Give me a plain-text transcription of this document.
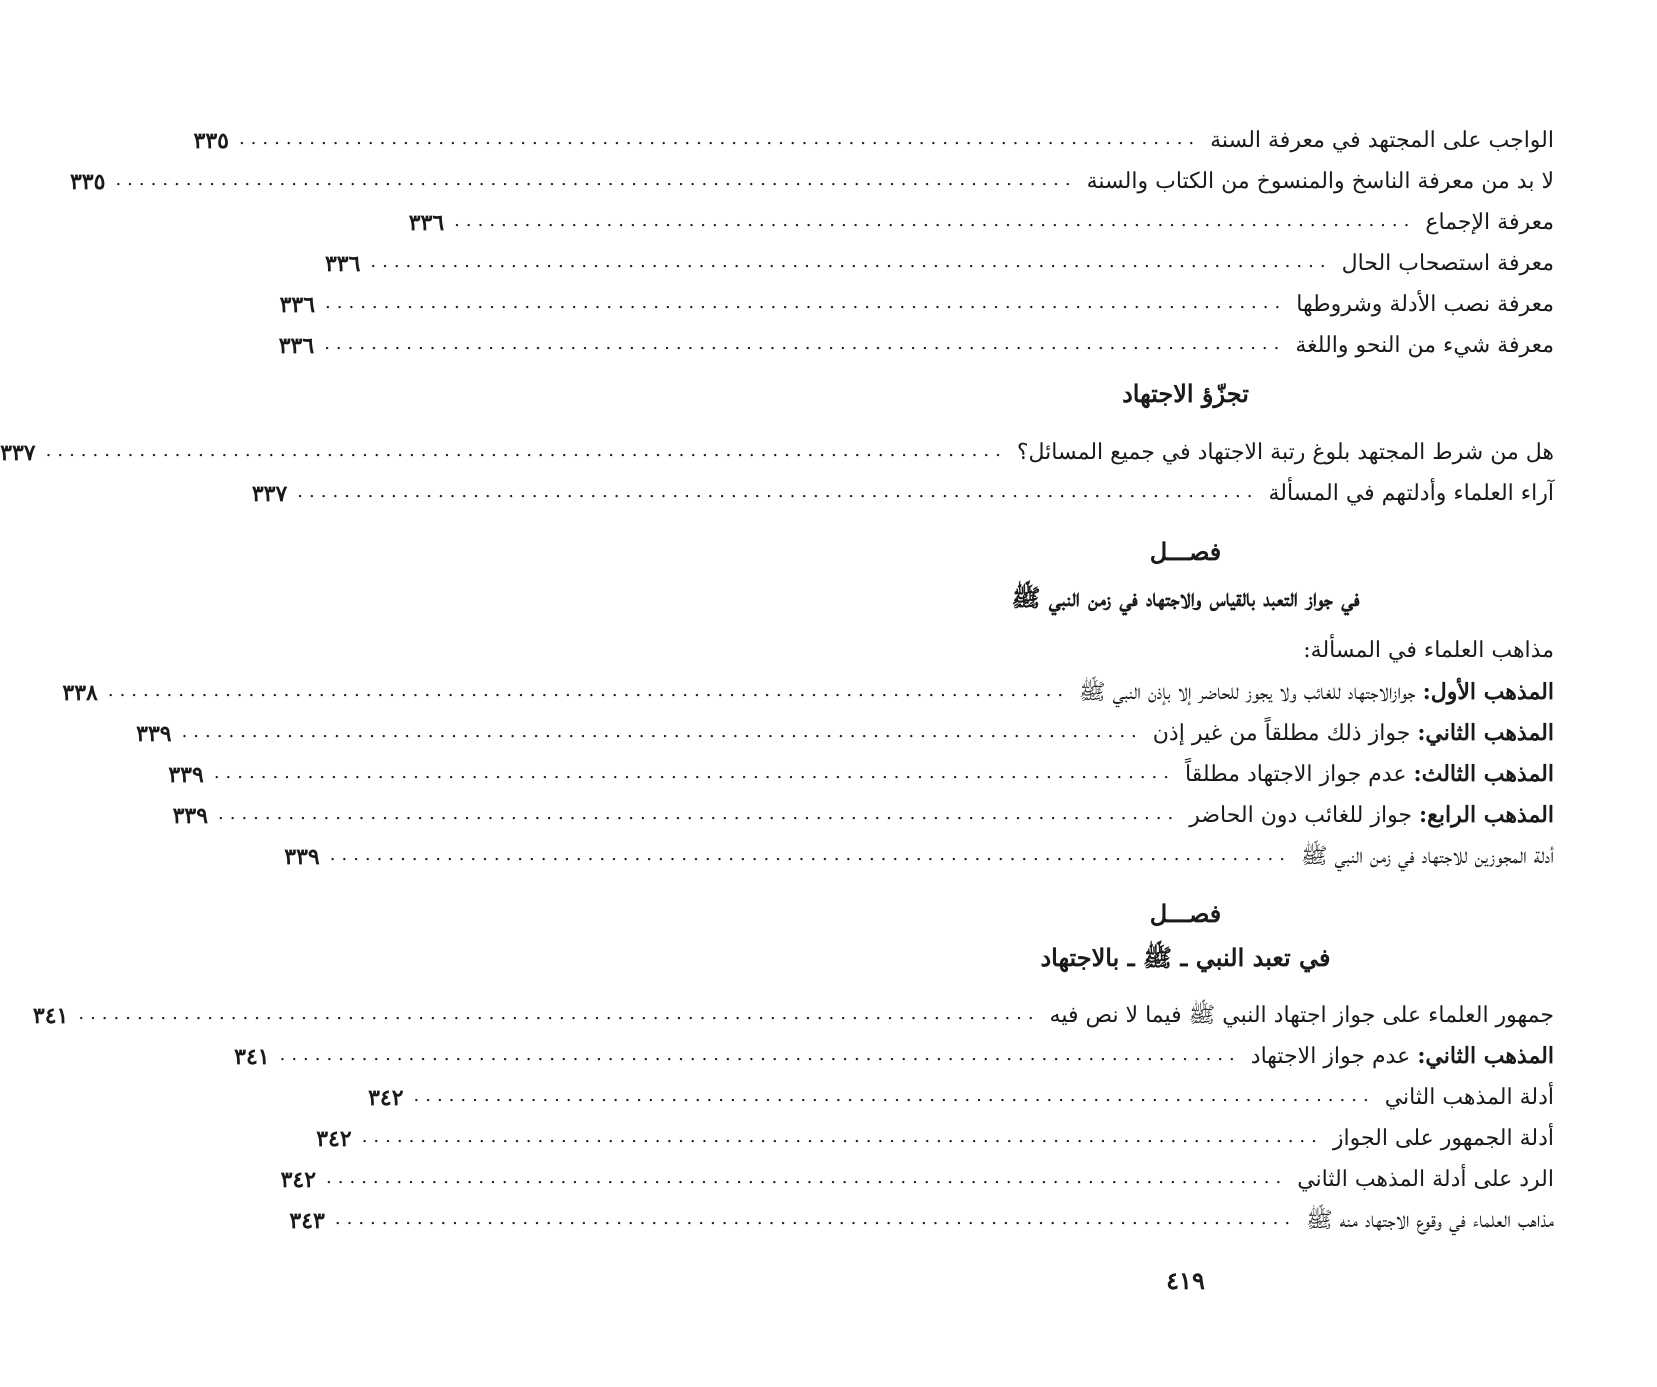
الواجب على المجتهد في معرفة السنة
..................................................................................
٣٣٥
لا بد من معرفة الناسخ والمنسوخ من الكتاب والسنة
..................................................................................
٣٣٥
معرفة الإجماع
..................................................................................
٣٣٦
معرفة استصحاب الحال
..................................................................................
٣٣٦
معرفة نصب الأدلة وشروطها
..................................................................................
٣٣٦
معرفة شيء من النحو واللغة
..................................................................................
٣٣٦
تجزّؤ الاجتهاد
هل من شرط المجتهد بلوغ رتبة الاجتهاد في جميع المسائل؟
..................................................................................
٣٣٧
آراء العلماء وأدلتهم في المسألة
..................................................................................
٣٣٧
فصـــل
في جواز التعبد بالقياس والاجتهاد في زمن النبي ﷺ
مذاهب العلماء في المسألة:
المذهب الأول: جوازالاجتهاد للغائب ولا يجوز للحاضر إلا بإذن النبي ﷺ
..................................................................................
٣٣٨
المذهب الثاني: جواز ذلك مطلقاً من غير إذن
..................................................................................
٣٣٩
المذهب الثالث: عدم جواز الاجتهاد مطلقاً
..................................................................................
٣٣٩
المذهب الرابع: جواز للغائب دون الحاضر
..................................................................................
٣٣٩
أدلة المجوزين للاجتهاد في زمن النبي ﷺ
..................................................................................
٣٣٩
فصـــل
في تعبد النبي ـ ﷺ ـ بالاجتهاد
جمهور العلماء على جواز اجتهاد النبي ﷺ فيما لا نص فيه
..................................................................................
٣٤١
المذهب الثاني: عدم جواز الاجتهاد
..................................................................................
٣٤١
أدلة المذهب الثاني
..................................................................................
٣٤٢
أدلة الجمهور على الجواز
..................................................................................
٣٤٢
الرد على أدلة المذهب الثاني
..................................................................................
٣٤٢
مذاهب العلماء في وقوع الاجتهاد منه ﷺ
..................................................................................
٣٤٣
٤١٩
